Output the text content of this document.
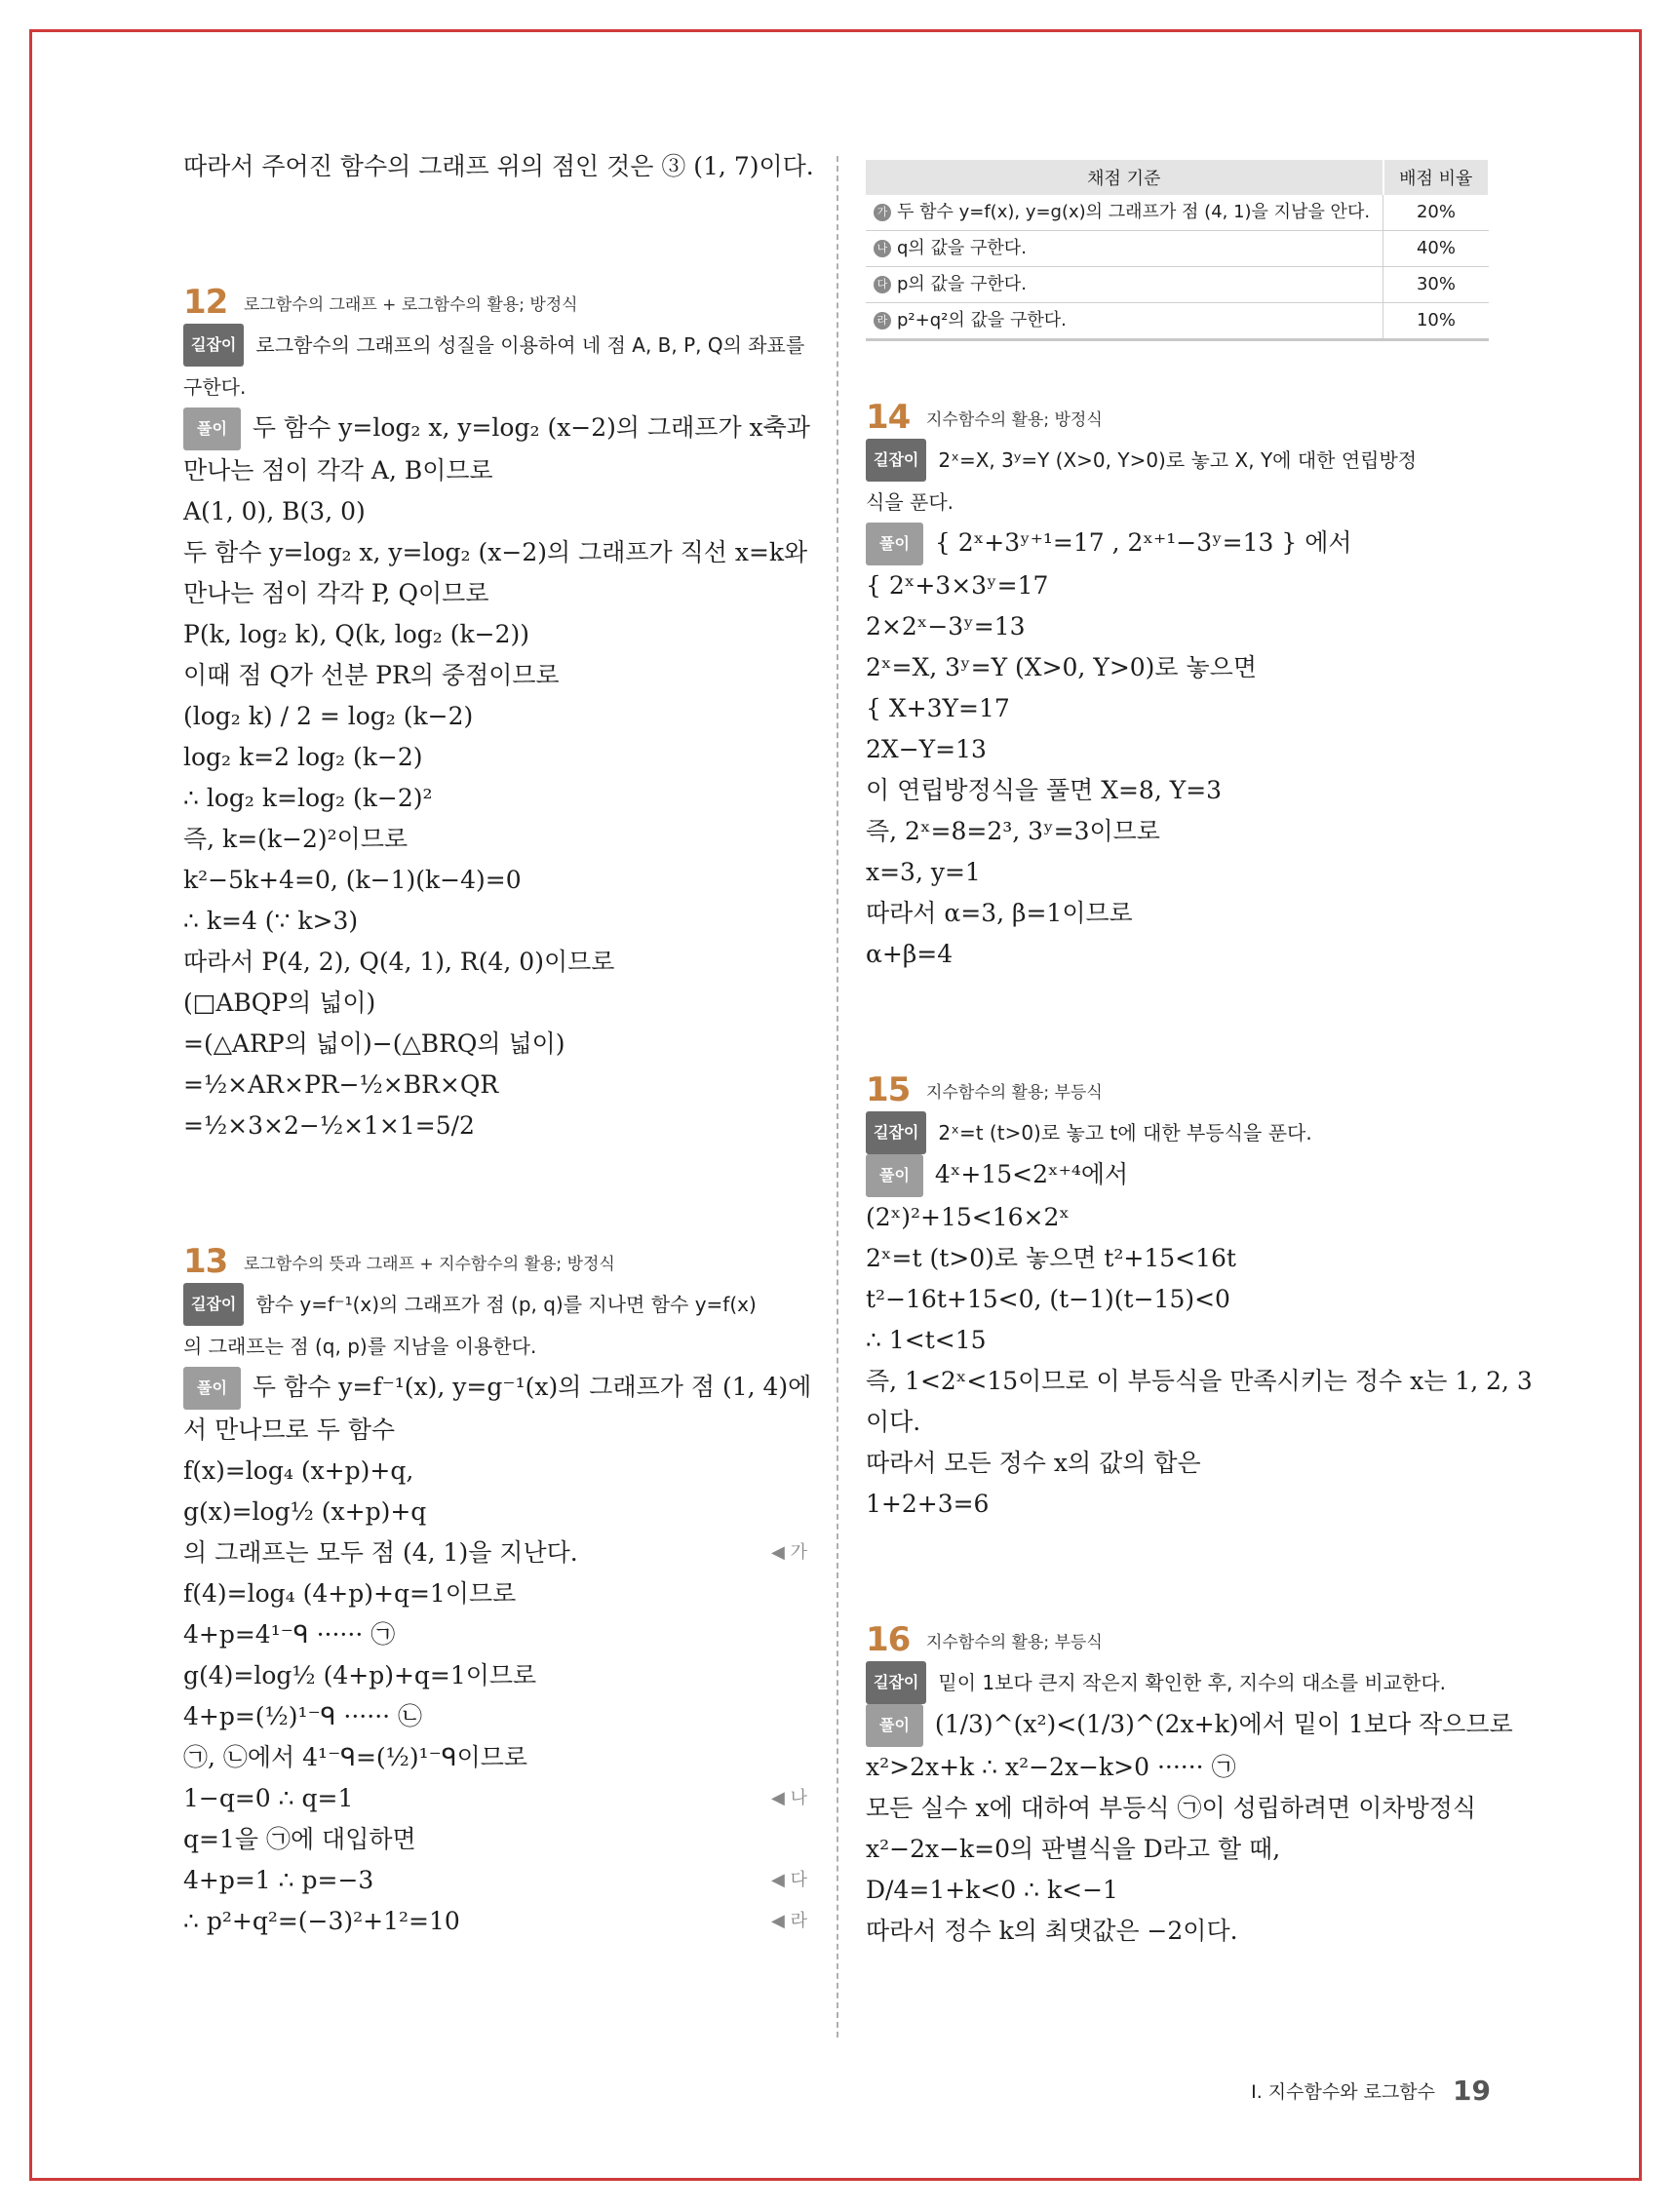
따라서 주어진 함수의 그래프 위의 점인 것은 ③ (1, 7)이다.
12 로그함수의 그래프 + 로그함수의 활용; 방정식
길잡이 로그함수의 그래프의 성질을 이용하여 네 점 A, B, P, Q의 좌표를
구한다.
풀이 두 함수 y=log₂ x, y=log₂ (x−2)의 그래프가 x축과
만나는 점이 각각 A, B이므로
A(1, 0), B(3, 0)
두 함수 y=log₂ x, y=log₂ (x−2)의 그래프가 직선 x=k와
만나는 점이 각각 P, Q이므로
P(k, log₂ k), Q(k, log₂ (k−2))
이때 점 Q가 선분 PR의 중점이므로
(log₂ k) / 2 = log₂ (k−2)
log₂ k=2 log₂ (k−2)
∴ log₂ k=log₂ (k−2)²
즉, k=(k−2)²이므로
k²−5k+4=0, (k−1)(k−4)=0
∴ k=4 (∵ k>3)
따라서 P(4, 2), Q(4, 1), R(4, 0)이므로
(□ABQP의 넓이)
=(△ARP의 넓이)−(△BRQ의 넓이)
=½×AR×PR−½×BR×QR
=½×3×2−½×1×1=5/2
13 로그함수의 뜻과 그래프 + 지수함수의 활용; 방정식
길잡이 함수 y=f⁻¹(x)의 그래프가 점 (p, q)를 지나면 함수 y=f(x)
의 그래프는 점 (q, p)를 지남을 이용한다.
풀이 두 함수 y=f⁻¹(x), y=g⁻¹(x)의 그래프가 점 (1, 4)에
서 만나므로 두 함수
f(x)=log₄ (x+p)+q,
g(x)=log½ (x+p)+q
의 그래프는 모두 점 (4, 1)을 지난다.	◀ 가
f(4)=log₄ (4+p)+q=1이므로
4+p=4¹⁻ᑫ ······ ㉠
g(4)=log½ (4+p)+q=1이므로
4+p=(½)¹⁻ᑫ ······ ㉡
㉠, ㉡에서 4¹⁻ᑫ=(½)¹⁻ᑫ이므로
1−q=0 ∴ q=1	◀ 나
q=1을 ㉠에 대입하면
4+p=1 ∴ p=−3	◀ 다
∴ p²+q²=(−3)²+1²=10	◀ 라
채점 기준	배점 비율
가 두 함수 y=f(x), y=g(x)의 그래프가 점 (4, 1)을 지남을 안다.	20%
나 q의 값을 구한다.	40%
다 p의 값을 구한다.	30%
라 p²+q²의 값을 구한다.	10%
14 지수함수의 활용; 방정식
길잡이 2ˣ=X, 3ʸ=Y (X>0, Y>0)로 놓고 X, Y에 대한 연립방정
식을 푼다.
풀이 { 2ˣ+3ʸ⁺¹=17 , 2ˣ⁺¹−3ʸ=13 } 에서
{ 2ˣ+3×3ʸ=17
2×2ˣ−3ʸ=13
2ˣ=X, 3ʸ=Y (X>0, Y>0)로 놓으면
{ X+3Y=17
2X−Y=13
이 연립방정식을 풀면 X=8, Y=3
즉, 2ˣ=8=2³, 3ʸ=3이므로
x=3, y=1
따라서 α=3, β=1이므로
α+β=4
15 지수함수의 활용; 부등식
길잡이 2ˣ=t (t>0)로 놓고 t에 대한 부등식을 푼다.
풀이 4ˣ+15<2ˣ⁺⁴에서
(2ˣ)²+15<16×2ˣ
2ˣ=t (t>0)로 놓으면 t²+15<16t
t²−16t+15<0, (t−1)(t−15)<0
∴ 1<t<15
즉, 1<2ˣ<15이므로 이 부등식을 만족시키는 정수 x는 1, 2, 3
이다.
따라서 모든 정수 x의 값의 합은
1+2+3=6
16 지수함수의 활용; 부등식
길잡이 밑이 1보다 큰지 작은지 확인한 후, 지수의 대소를 비교한다.
풀이 (1/3)^(x²)<(1/3)^(2x+k)에서 밑이 1보다 작으므로
x²>2x+k ∴ x²−2x−k>0 ······ ㉠
모든 실수 x에 대하여 부등식 ㉠이 성립하려면 이차방정식
x²−2x−k=0의 판별식을 D라고 할 때,
D/4=1+k<0 ∴ k<−1
따라서 정수 k의 최댓값은 −2이다.
Ⅰ. 지수함수와 로그함수 19
